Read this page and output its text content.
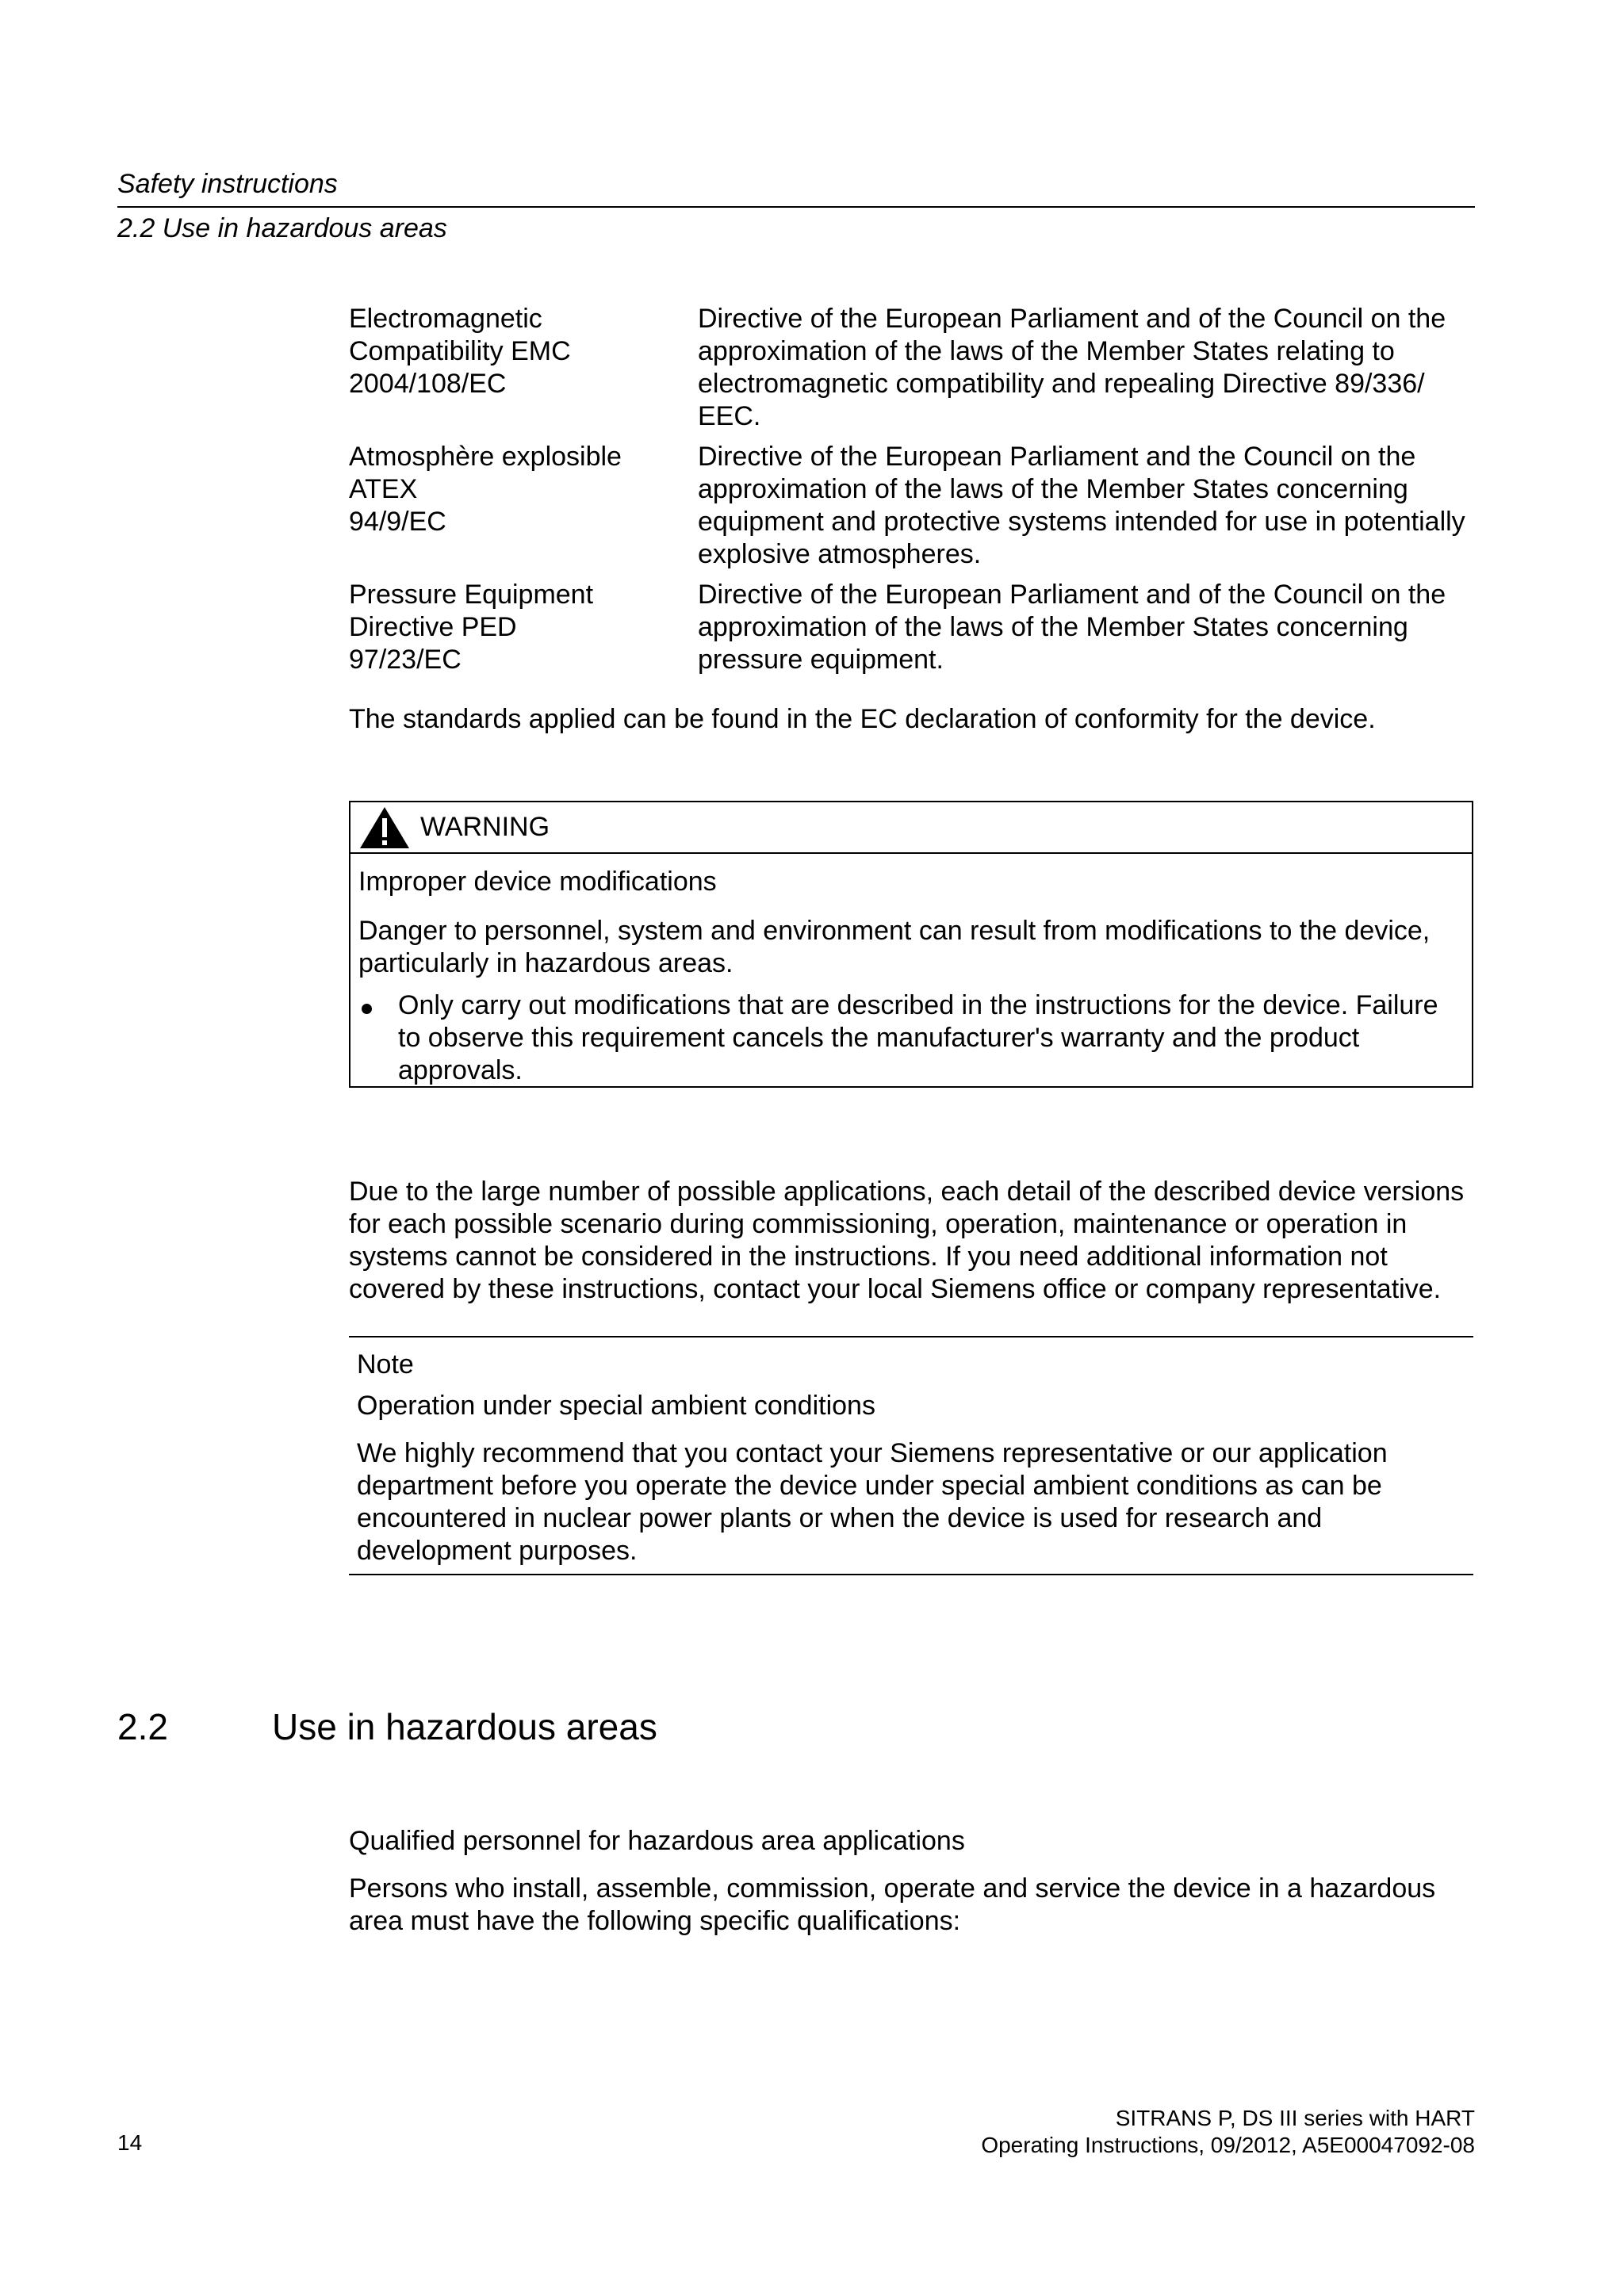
Safety instructions
2.2 Use in hazardous areas
Electromagnetic
Compatibility EMC
2004/108/EC
Directive of the European Parliament and of the Council on the
approximation of the laws of the Member States relating to
electromagnetic compatibility and repealing Directive 89/336/
EEC.
Atmosphère explosible
ATEX
94/9/EC
Directive of the European Parliament and the Council on the
approximation of the laws of the Member States concerning
equipment and protective systems intended for use in potentially
explosive atmospheres.
Pressure Equipment
Directive PED
97/23/EC
Directive of the European Parliament and of the Council on the
approximation of the laws of the Member States concerning
pressure equipment.
The standards applied can be found in the EC declaration of conformity for the device.
WARNING
Improper device modifications
Danger to personnel, system and environment can result from modifications to the device,
particularly in hazardous areas.
Only carry out modifications that are described in the instructions for the device. Failure
to observe this requirement cancels the manufacturer's warranty and the product
approvals.
Due to the large number of possible applications, each detail of the described device versions
for each possible scenario during commissioning, operation, maintenance or operation in
systems cannot be considered in the instructions. If you need additional information not
covered by these instructions, contact your local Siemens office or company representative.
Note
Operation under special ambient conditions
We highly recommend that you contact your Siemens representative or our application
department before you operate the device under special ambient conditions as can be
encountered in nuclear power plants or when the device is used for research and
development purposes.
2.2	Use in hazardous areas
Qualified personnel for hazardous area applications
Persons who install, assemble, commission, operate and service the device in a hazardous
area must have the following specific qualifications:
14
SITRANS P, DS III series with HART
Operating Instructions, 09/2012, A5E00047092-08
